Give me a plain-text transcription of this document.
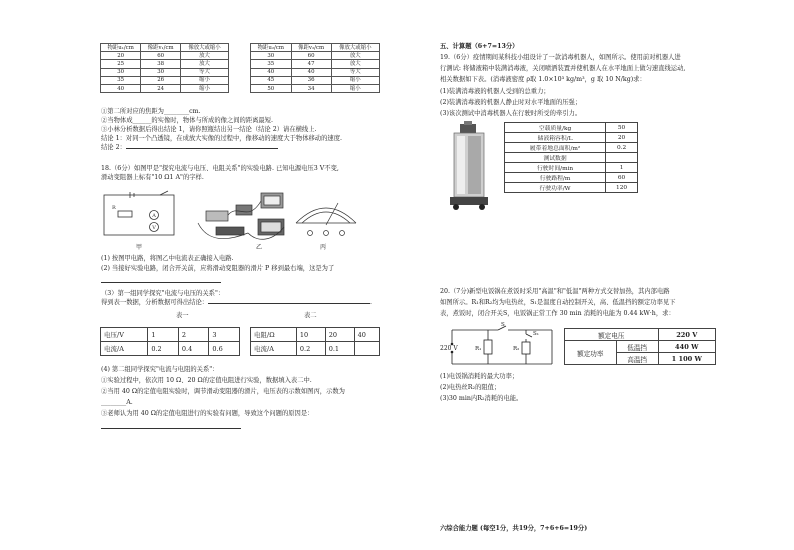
物距u₁/cm	像距v₁/cm	像放大或缩小
20	60	放大
25	38	放大
30	30	等大
35	26	缩小
40	24	缩小
物距u₂/cm	像距v₂/cm	像放大或缩小
30	60	放大
35	47	放大
40	40	等大
45	36	缩小
50	34	缩小
①第二所对应的焦距为________cm.
②当物体成______的实像时，物体与所成的像之间的距离最短.
③小林分析数据后得出结论 1，请你照瓶结出另一结论（结论 2）请在横线上.
结论 1：对同一个凸透镜，在成放大实像的过程中，像移动的速度大于物体移动的速度.
结论 2：
18.（6分）如图甲是"探究电流与电压、电阻关系"的实验电路. 已知电源电压3 V不变,
滑动变阻器上标有"10 Ω1 A"的字样.
A
V
R
甲	乙	丙
(1) 按图甲电路，将图乙中电流表正确接入电路.
(2) 当接好实验电路，闭合开关前，应将滑动变阻器的滑片 P 移到最右端，这是为了
（3）第一组同学探究"电流与电压的关系"：
得到表一数据，分析数据可得出结论：	.
表一	表二
电压/V	1	2	3
电流/A	0.2	0.4	0.6
电阻/Ω	10	20	40
电流/A	0.2	0.1	
(4) 第二组同学探究"电流与电阻的关系"：
①实验过程中，依次用 10 Ω、20 Ω的定值电阻进行实验，数据填入表二中.
②当用 40 Ω的定值电阻实验时，调节滑动变阻器的滑片，电压表的示数如图丙，示数为
________A.
③老师认为用 40 Ω的定值电阻进行的实验有问题，导致这个问题的原因是：
五、计算题（6+7=13分）
19.（6分）疫情期间某科技小组设计了一款消毒机器人，如图所示。使用前对机器人进
行测试: 将储液箱中装满消毒液，关闭喷洒装置并使机器人在水平地面上做匀速直线运动,
相关数据如下表。(消毒液密度 ρ取 1.0×10³ kg/m³，g 取 10 N/kg)求：
(1)装满消毒液的机器人受到的总重力；
(2)装满消毒液的机器人静止时对水平地面的压强；
(3)该次测试中消毒机器人在行驶时所受的牵引力。
空载质量/kg	50
储液箱容积/L	20
履带着地总面积/m²	0.2
测试数据	
行驶时间/min	1
行驶路程/m	60
行驶功率/W	120
20.（7分)新型电饭锅在煮饭时采用"高温"和"低温"两种方式交替加热，其内部电路
如图所示。R₁和R₂均为电热丝，S₁是温度自动控制开关，高、低温挡的额定功率见下
表，煮饭时，闭合开关S，电饭锅正常工作 30 min 消耗的电能为 0.44 kW·h，求：
220 V
S
S₁
R₁	R₂
额定电压		220 V
额定功率	低温挡	440 W
	高温挡	1 100 W
(1)电饭锅消耗的最大功率；
(2)电热丝R₂的阻值；
(3)30 min内R₂消耗的电能。
六综合能力题 (每空1分，共19分，7+6+6=19分)
